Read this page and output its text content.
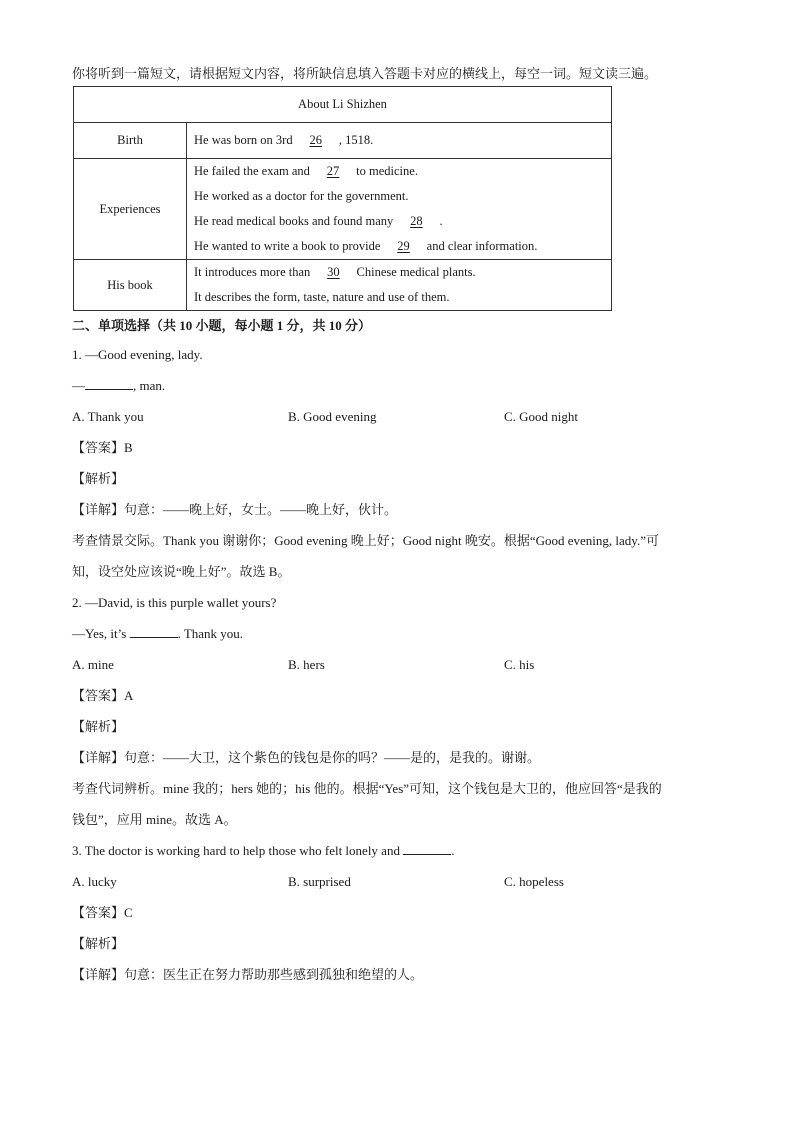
你将听到一篇短文，请根据短文内容，将所缺信息填入答题卡对应的横线上，每空一词。短文读三遍。
About Li Shizhen	
Birth	He was born on 3rd 26 , 1518.
Experiences	He failed the exam and 27 to medicine.
He worked as a doctor for the government.
He read medical books and found many 28 .
He wanted to write a book to provide 29 and clear information.

His book	It introduces more than 30 Chinese medical plants.
It describes the form, taste, nature and use of them.
二、单项选择（共 10 小题，每小题 1 分，共 10 分）
1. —Good evening, lady.
—	, man.
A. Thank you	B. Good evening	C. Good night
【答案】B
【解析】
【详解】句意：——晚上好，女士。——晚上好，伙计。
考查情景交际。Thank you 谢谢你；Good evening 晚上好；Good night 晚安。根据“Good evening, lady.”可
知，设空处应该说“晚上好”。故选 B。
2. —David, is this purple wallet yours?
—Yes, it’s	. Thank you.
A. mine	B. hers	C. his
【答案】A
【解析】
【详解】句意：——大卫，这个紫色的钱包是你的吗？——是的，是我的。谢谢。
考查代词辨析。mine 我的；hers 她的；his 他的。根据“Yes”可知，这个钱包是大卫的，他应回答“是我的
钱包”，应用 mine。故选 A。
3. The doctor is working hard to help those who felt lonely and	.
A. lucky	B. surprised	C. hopeless
【答案】C
【解析】
【详解】句意：医生正在努力帮助那些感到孤独和绝望的人。
